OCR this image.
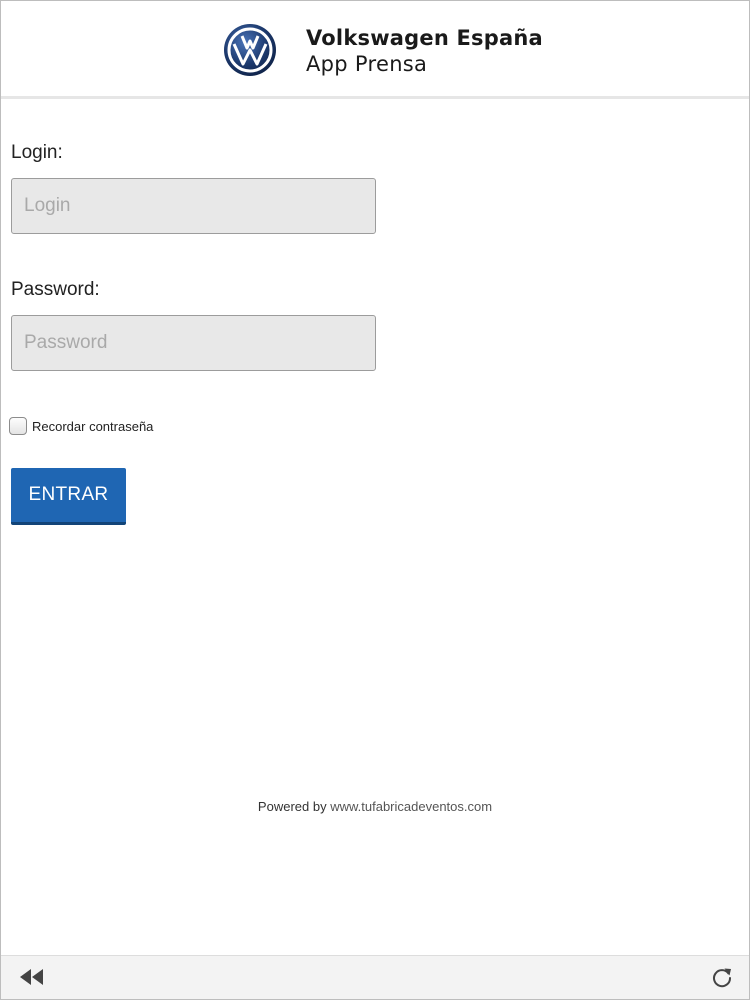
Volkswagen España
App Prensa
Login:
Login
Password:
Recordar contraseña
ENTRAR
Powered by www.tufabricadeventos.com
